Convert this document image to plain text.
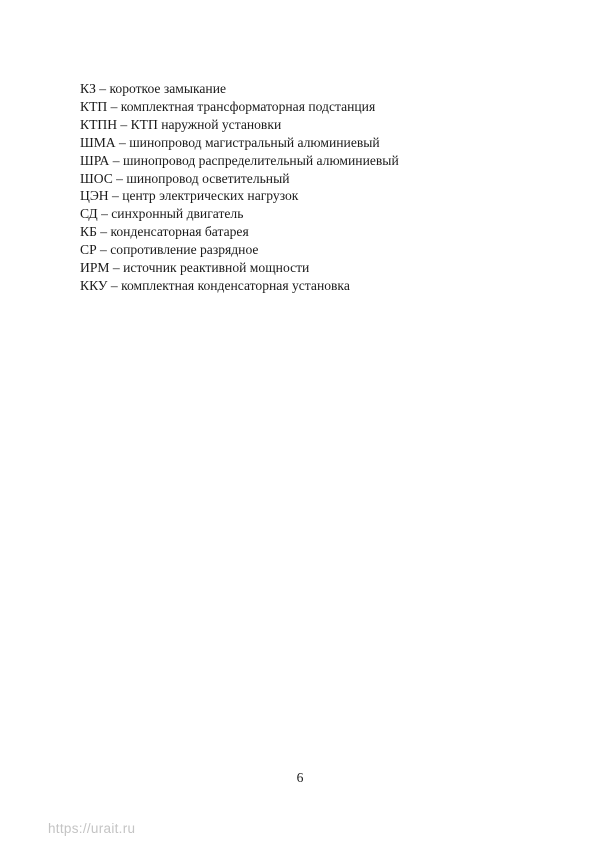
КЗ – короткое замыкание
КТП – комплектная трансформаторная подстанция
КТПН – КТП наружной установки
ШМА – шинопровод магистральный алюминиевый
ШРА – шинопровод распределительный алюминиевый
ШОС – шинопровод осветительный
ЦЭН – центр электрических нагрузок
СД – синхронный двигатель
КБ – конденсаторная батарея
СР – сопротивление разрядное
ИРМ – источник реактивной мощности
ККУ – комплектная конденсаторная установка
6
https://urait.ru
